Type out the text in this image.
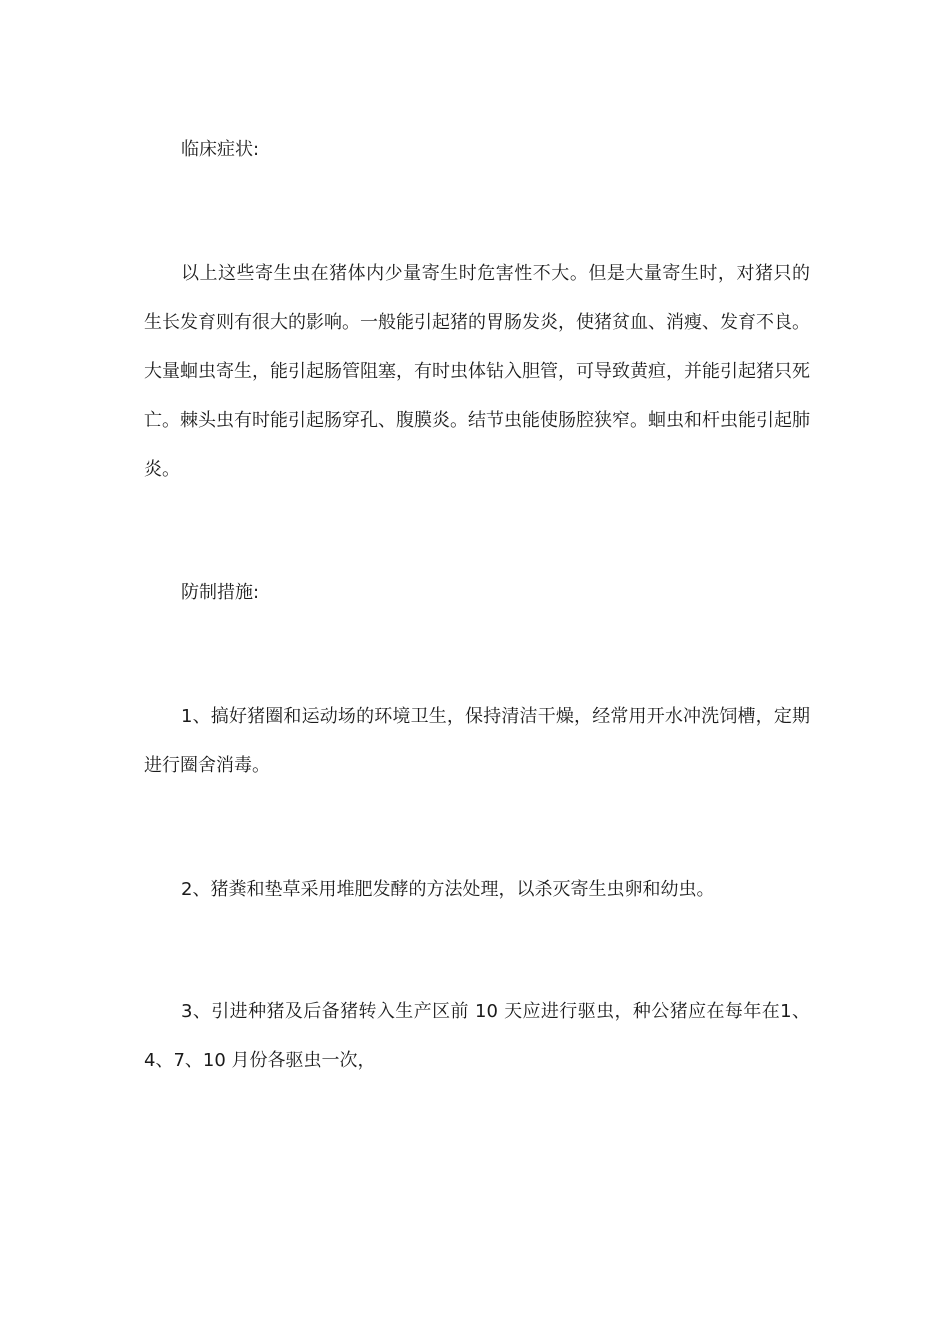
临床症状:

以上这些寄生虫在猪体内少量寄生时危害性不大。但是大量寄生时，对猪只的生长发育则有很大的影响。一般能引起猪的胃肠发炎，使猪贫血、消瘦、发育不良。大量蛔虫寄生，能引起肠管阻塞，有时虫体钻入胆管，可导致黄疸，并能引起猪只死亡。棘头虫有时能引起肠穿孔、腹膜炎。结节虫能使肠腔狭窄。蛔虫和杆虫能引起肺炎。

防制措施:

1、搞好猪圈和运动场的环境卫生，保持清洁干燥，经常用开水冲洗饲槽，定期进行圈舍消毒。

2、猪粪和垫草采用堆肥发酵的方法处理，以杀灭寄生虫卵和幼虫。

3、引进种猪及后备猪转入生产区前 10 天应进行驱虫，种公猪应在每年在1、4、7、10 月份各驱虫一次，
